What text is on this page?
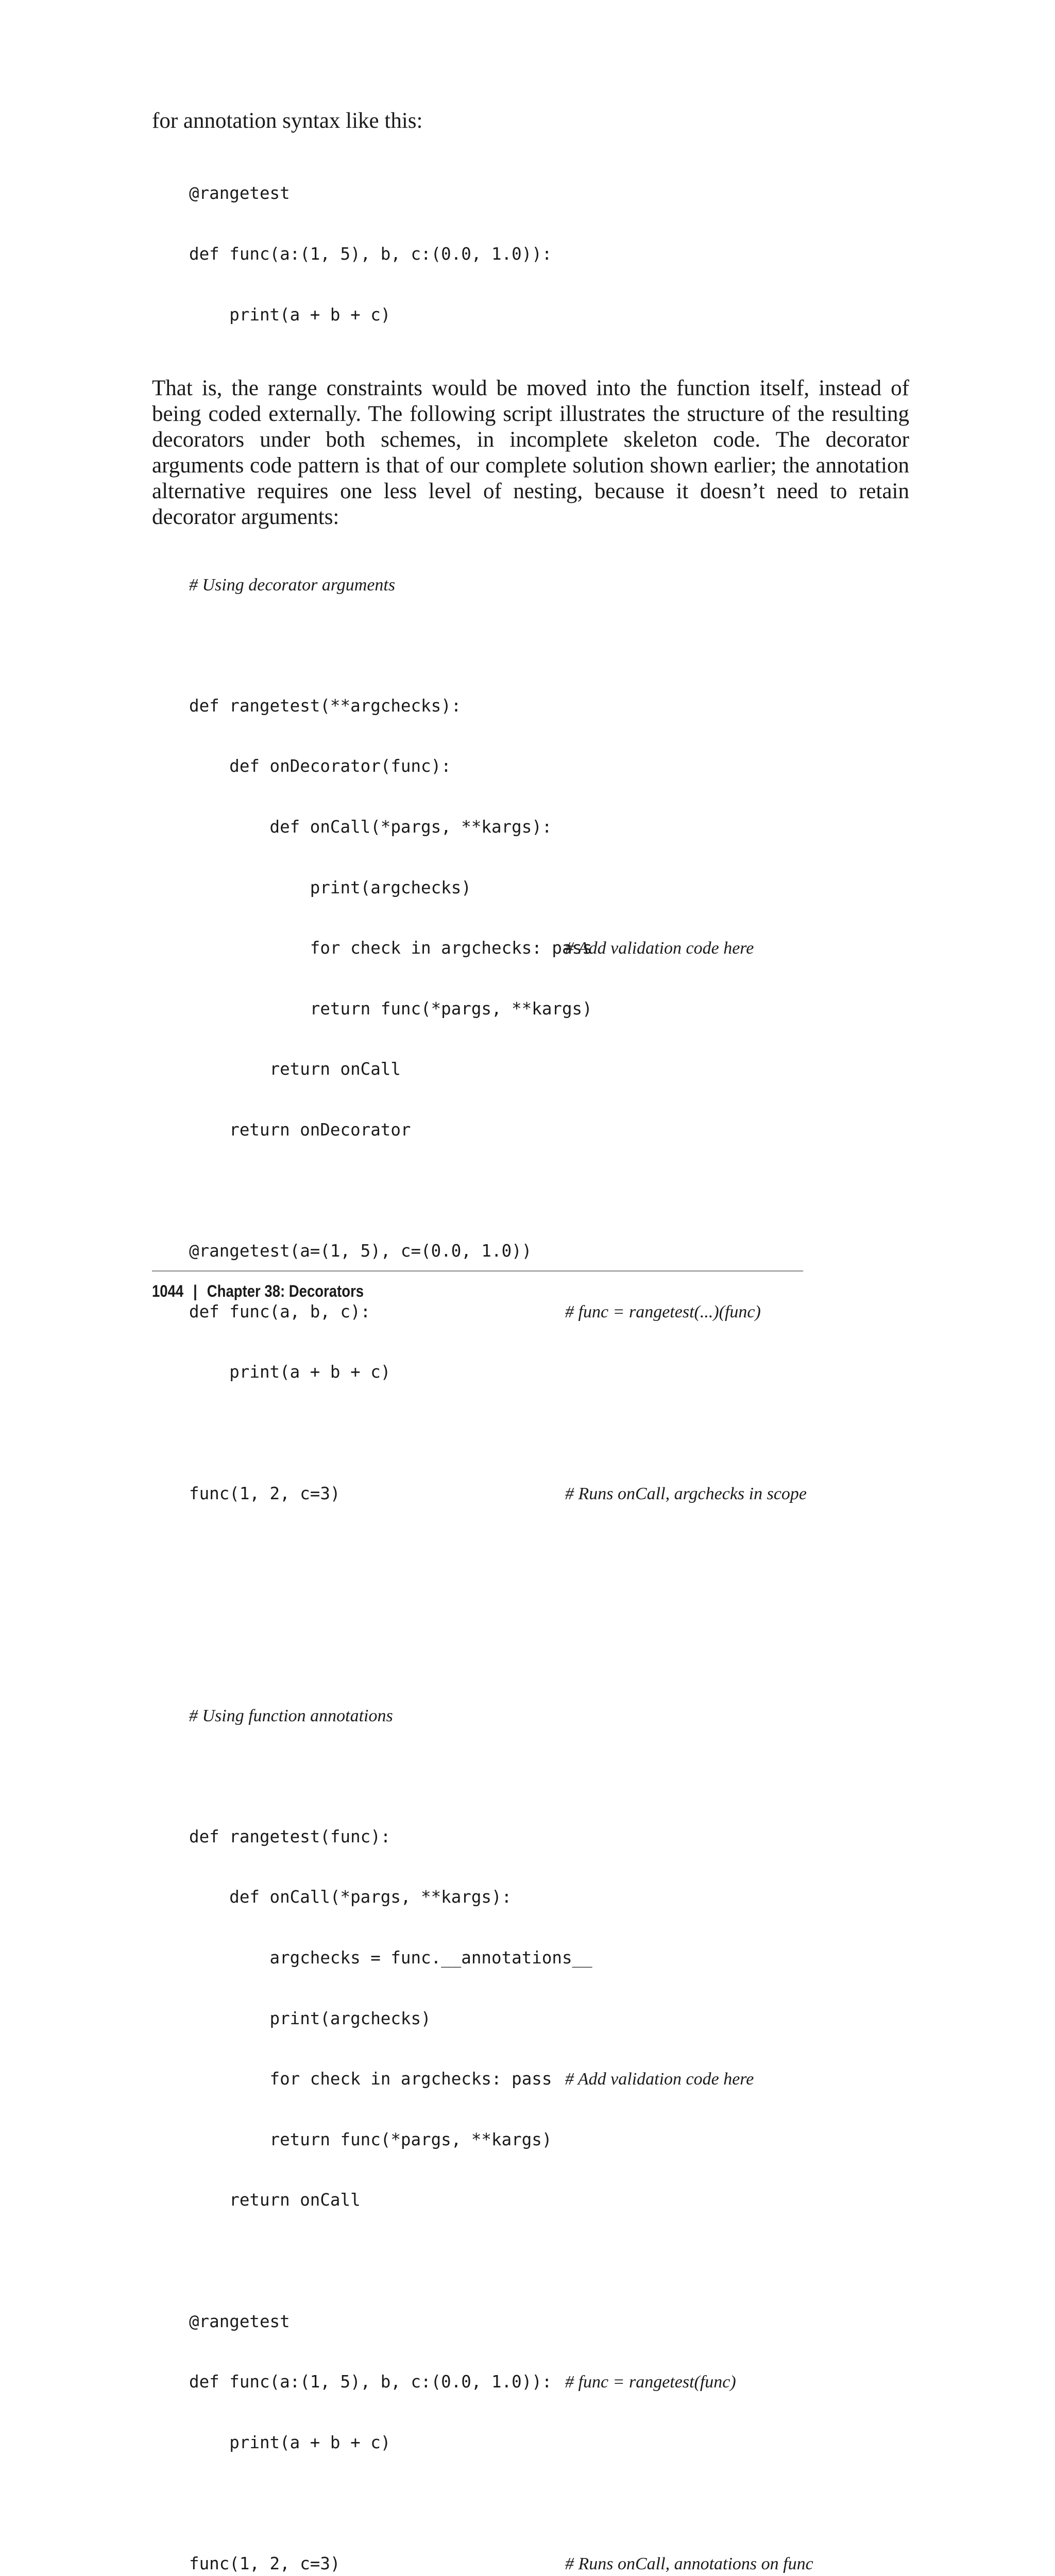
for annotation syntax like this:

@rangetest

def func(a:(1, 5), b, c:(0.0, 1.0)):

print(a + b + c)

That is, the range constraints would be moved into the function itself, instead of being coded externally. The following script illustrates the structure of the resulting decorators under both schemes, in incomplete skeleton code. The decorator arguments code pattern is that of our complete solution shown earlier; the annotation alternative requires one less level of nesting, because it doesn’t need to retain decorator arguments:

# Using decorator arguments

def rangetest(**argchecks):

def onDecorator(func):

def onCall(*pargs, **kargs):

print(argchecks)

for check in argchecks: pass
# Add validation code here

return func(*pargs, **kargs)

return onCall

return onDecorator

@rangetest(a=(1, 5), c=(0.0, 1.0))

def func(a, b, c):	# func = rangetest(...)(func)

print(a + b + c)

func(1, 2, c=3)	# Runs onCall, argchecks in scope

# Using function annotations

def rangetest(func):

def onCall(*pargs, **kargs):

argchecks = func.__annotations__

print(argchecks)

for check in argchecks: pass # Add validation code here

return func(*pargs, **kargs)

return onCall

@rangetest

def func(a:(1, 5), b, c:(0.0, 1.0)): # func = rangetest(func)

print(a + b + c)

func(1, 2, c=3)	# Runs onCall, annotations on func

1044 | Chapter 38: Decorators
